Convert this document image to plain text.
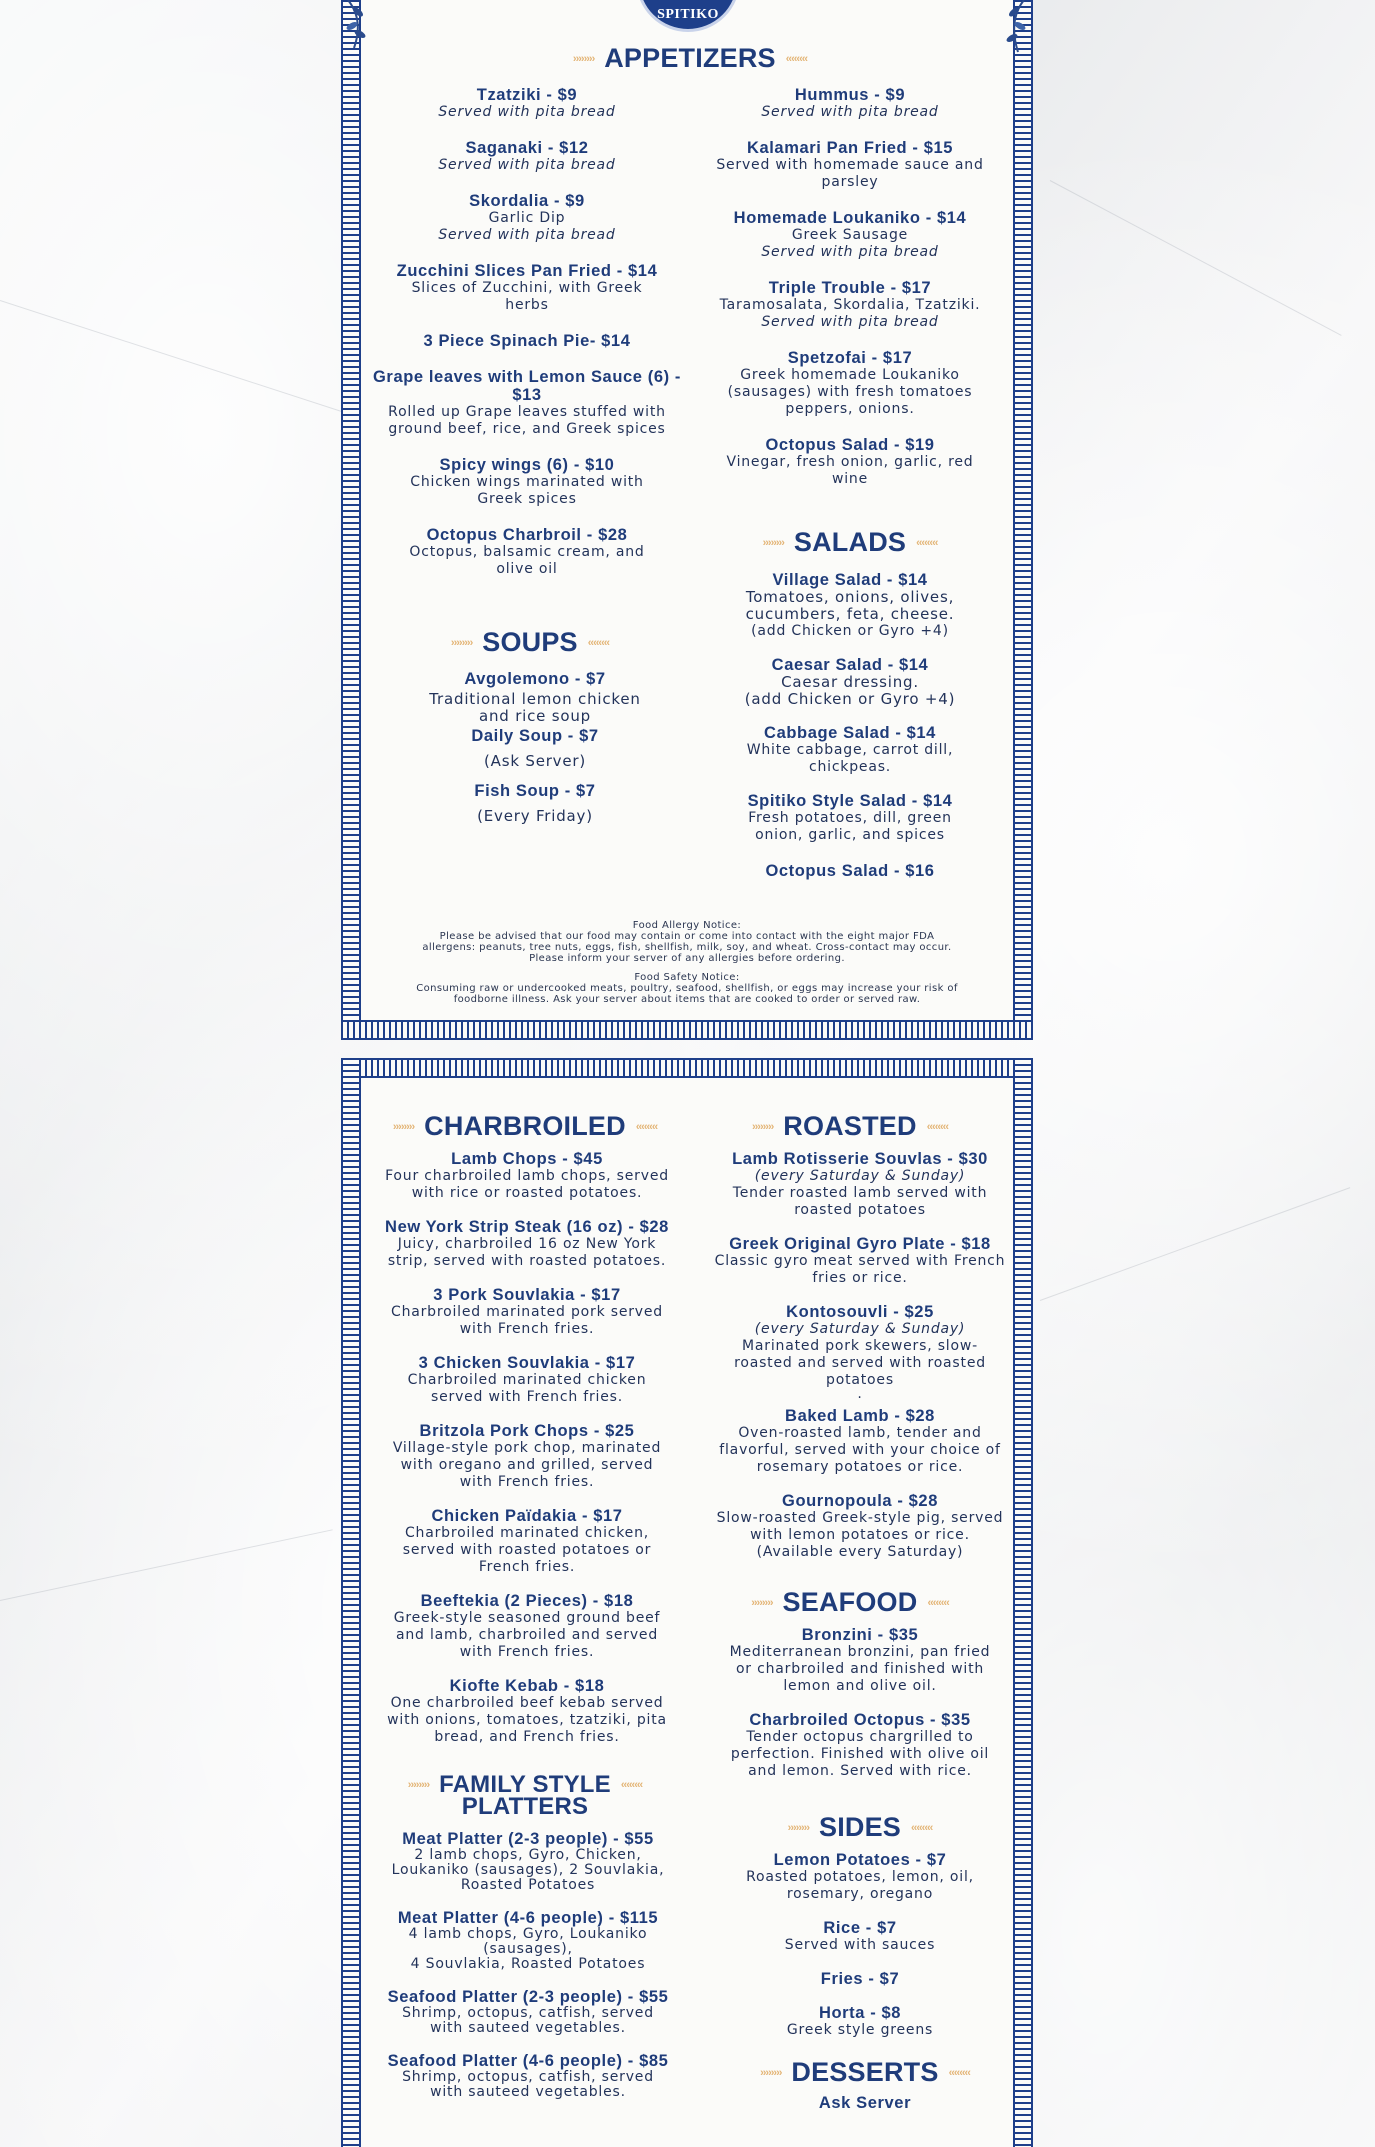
SPITIKO
›››››››› APPETIZERS ‹‹‹‹‹‹‹‹
Tzatziki - $9
Served with pita bread
Saganaki - $12
Served with pita bread
Skordalia - $9
Garlic Dip
Served with pita bread
Zucchini Slices Pan Fried - $14
Slices of Zucchini, with Greek
herbs
3 Piece Spinach Pie- $14
Grape leaves with Lemon Sauce (6) - $13
Rolled up Grape leaves stuffed with
ground beef, rice, and Greek spices
Spicy wings (6) - $10
Chicken wings marinated with
Greek spices
Octopus Charbroil - $28
Octopus, balsamic cream, and
olive oil
Hummus - $9
Served with pita bread
Kalamari Pan Fried - $15
Served with homemade sauce and
parsley
Homemade Loukaniko - $14
Greek Sausage
Served with pita bread
Triple Trouble - $17
Taramosalata, Skordalia, Tzatziki.
Served with pita bread
Spetzofai - $17
Greek homemade Loukaniko
(sausages) with fresh tomatoes
peppers, onions.
Octopus Salad - $19
Vinegar, fresh onion, garlic, red
wine
›››››››› SOUPS ‹‹‹‹‹‹‹‹
Avgolemono - $7
Traditional lemon chicken
and rice soup
Daily Soup - $7
(Ask Server)
Fish Soup - $7
(Every Friday)
›››››››› SALADS ‹‹‹‹‹‹‹‹
Village Salad - $14
Tomatoes, onions, olives,
cucumbers, feta, cheese.
(add Chicken or Gyro +4)
Caesar Salad - $14
Caesar dressing.
(add Chicken or Gyro +4)
Cabbage Salad - $14
White cabbage, carrot dill,
chickpeas.
Spitiko Style Salad - $14
Fresh potatoes, dill, green
onion, garlic, and spices
Octopus Salad - $16
Food Allergy Notice:
Please be advised that our food may contain or come into contact with the eight major FDA
allergens: peanuts, tree nuts, eggs, fish, shellfish, milk, soy, and wheat. Cross-contact may occur.
Please inform your server of any allergies before ordering.
Food Safety Notice:
Consuming raw or undercooked meats, poultry, seafood, shellfish, or eggs may increase your risk of
foodborne illness. Ask your server about items that are cooked to order or served raw.
›››››››› CHARBROILED ‹‹‹‹‹‹‹‹
Lamb Chops - $45
Four charbroiled lamb chops, served
with rice or roasted potatoes.
New York Strip Steak (16 oz) - $28
Juicy, charbroiled 16 oz New York
strip, served with roasted potatoes.
3 Pork Souvlakia - $17
Charbroiled marinated pork served
with French fries.
3 Chicken Souvlakia - $17
Charbroiled marinated chicken
served with French fries.
Britzola Pork Chops - $25
Village-style pork chop, marinated
with oregano and grilled, served
with French fries.
Chicken Païdakia - $17
Charbroiled marinated chicken,
served with roasted potatoes or
French fries.
Beeftekia (2 Pieces) - $18
Greek-style seasoned ground beef
and lamb, charbroiled and served
with French fries.
Kiofte Kebab - $18
One charbroiled beef kebab served
with onions, tomatoes, tzatziki, pita
bread, and French fries.
›››››››› FAMILY STYLE ‹‹‹‹‹‹‹‹
PLATTERS
Meat Platter (2-3 people) - $55
2 lamb chops, Gyro, Chicken,
Loukaniko (sausages), 2 Souvlakia,
Roasted Potatoes
Meat Platter (4-6 people) - $115
4 lamb chops, Gyro, Loukaniko
(sausages),
4 Souvlakia, Roasted Potatoes
Seafood Platter (2-3 people) - $55
Shrimp, octopus, catfish, served
with sauteed vegetables.
Seafood Platter (4-6 people) - $85
Shrimp, octopus, catfish, served
with sauteed vegetables.
›››››››› ROASTED ‹‹‹‹‹‹‹‹
Lamb Rotisserie Souvlas - $30
(every Saturday & Sunday)
Tender roasted lamb served with
roasted potatoes
Greek Original Gyro Plate - $18
Classic gyro meat served with French
fries or rice.
Kontosouvli - $25
(every Saturday & Sunday)
Marinated pork skewers, slow-
roasted and served with roasted
potatoes
.
Baked Lamb - $28
Oven-roasted lamb, tender and
flavorful, served with your choice of
rosemary potatoes or rice.
Gournopoula - $28
Slow-roasted Greek-style pig, served
with lemon potatoes or rice.
(Available every Saturday)
›››››››› SEAFOOD ‹‹‹‹‹‹‹‹
Bronzini - $35
Mediterranean bronzini, pan fried
or charbroiled and finished with
lemon and olive oil.
Charbroiled Octopus - $35
Tender octopus chargrilled to
perfection. Finished with olive oil
and lemon. Served with rice.
›››››››› SIDES ‹‹‹‹‹‹‹‹
Lemon Potatoes - $7
Roasted potatoes, lemon, oil,
rosemary, oregano
Rice - $7
Served with sauces
Fries - $7
Horta - $8
Greek style greens
›››››››› DESSERTS ‹‹‹‹‹‹‹‹
Ask Server
